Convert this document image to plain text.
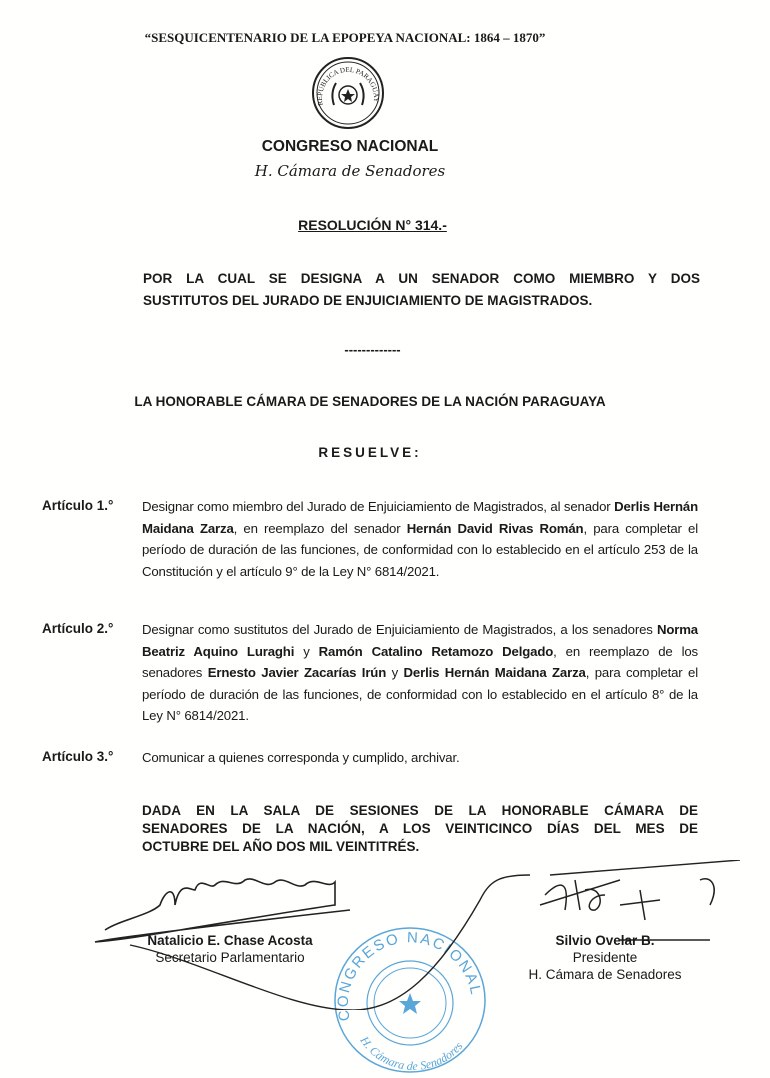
“SESQUICENTENARIO DE LA EPOPEYA NACIONAL: 1864 – 1870”
REPUBLICA DEL PARAGUAY
CONGRESO NACIONAL
H. Cámara de Senadores
RESOLUCIÓN N° 314.-
POR LA CUAL SE DESIGNA A UN SENADOR COMO MIEMBRO Y DOS
SUSTITUTOS DEL JURADO DE ENJUICIAMIENTO DE MAGISTRADOS.
-------------
LA HONORABLE CÁMARA DE SENADORES DE LA NACIÓN PARAGUAYA
RESUELVE:
Artículo 1.° Designar como miembro del Jurado de Enjuiciamiento de Magistrados, al senador Derlis Hernán Maidana Zarza, en reemplazo del senador Hernán David Rivas Román, para completar el período de duración de las funciones, de conformidad con lo establecido en el artículo 253 de la Constitución y el artículo 9° de la Ley N° 6814/2021.
Artículo 2.° Designar como sustitutos del Jurado de Enjuiciamiento de Magistrados, a los senadores Norma Beatriz Aquino Luraghi y Ramón Catalino Retamozo Delgado, en reemplazo de los senadores Ernesto Javier Zacarías Irún y Derlis Hernán Maidana Zarza, para completar el período de duración de las funciones, de conformidad con lo establecido en el artículo 8° de la Ley N° 6814/2021.
Artículo 3.° Comunicar a quienes corresponda y cumplido, archivar.
DADA EN LA SALA DE SESIONES DE LA HONORABLE CÁMARA DE
SENADORES DE LA NACIÓN, A LOS VEINTICINCO DÍAS DEL MES DE
OCTUBRE DEL AÑO DOS MIL VEINTITRÉS.
CONGRESO NACIONAL
H. Cámara de Senadores
Natalicio E. Chase Acosta
Secretario Parlamentario
Silvio Ovelar B.
Presidente
H. Cámara de Senadores
